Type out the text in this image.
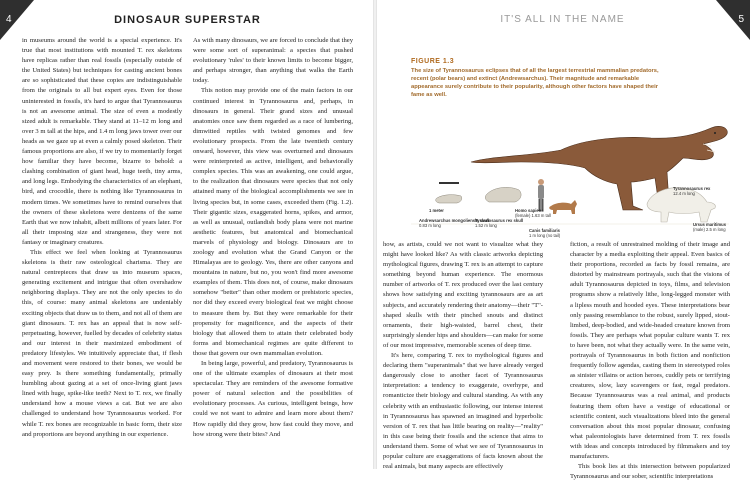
4	DINOSAUR SUPERSTAR

in museums around the world is a special experience. It's true that most institutions with mounted T. rex skeletons have replicas rather than real fossils (especially outside of the United States) but techniques for casting ancient bones are so sophisticated that these copies are indistinguishable from the originals to all but expert eyes. Even for those uninterested in fossils, it's hard to argue that Tyrannosaurus is not an awesome animal. The size of even a modestly sized adult is remarkable. They stand at 11–12 m long and over 3 m tall at the hips, and 1.4 m long jaws tower over our heads as we gaze up at even a calmly posed skeleton. Their famous proportions are also, if we try to momentarily forget how familiar they have become, bizarre to behold: a clashing combination of giant head, huge teeth, tiny arms, and long legs. Embodying the characteristics of an elephant, bird, and crocodile, there is nothing like Tyrannosaurus in modern times. We sometimes have to remind ourselves that the owners of these skeletons were denizens of the same Earth that we now inhabit, albeit millions of years later. For all their imposing size and strangeness, they were not fantasy or imaginary creatures.

This effect we feel when looking at Tyrannosaurus skeletons is their raw osteological charisma. They are natural centrepieces that draw us into museum spaces, generating excitement and intrigue that often overshadow neighboring displays. They are not the only species to do this, of course: many animal skeletons are undeniably exciting objects that draw us to them, and not all of them are giant dinosaurs. T. rex has an appeal that is now self-perpetuating, however, fuelled by decades of celebrity status and our interest in their maximized embodiment of predatory lifestyles. We intuitively appreciate that, if flesh and movement were restored to their bones, we would be easy prey. Is there something fundamentally, primally humbling about gazing at a set of once-living giant jaws lined with huge, spike-like teeth? Next to T. rex, we finally understand how a mouse views a cat. But we are also challenged to understand how Tyrannosaurus worked. For while T. rex bones are recognizable in basic form, their size and proportions are beyond anything in our experience.

As with many dinosaurs, we are forced to conclude that they were some sort of superanimal: a species that pushed evolutionary 'rules' to their known limits to become bigger, and perhaps stronger, than anything that walks the Earth today.

This notion may provide one of the main factors in our continued interest in Tyrannosaurus and, perhaps, in dinosaurs in general. Their grand sizes and unusual anatomies once saw them regarded as a race of lumbering, dimwitted reptiles with twisted genomes and few evolutionary prospects. From the late twentieth century onward, however, this view was overturned and dinosaurs were reinterpreted as active, intelligent, and behaviorally complex species. This was an awakening, one could argue, to the realization that dinosaurs were species that not only attained many of the biological accomplishments we see in living species but, in some cases, exceeded them (Fig. 1.2). Their gigantic sizes, exaggerated horns, spikes, and armor, as well as unusual, outlandish body plans were not marine aesthetic features, but anatomical and biomechanical marvels of physiology and biology. Dinosaurs are to zoology and evolution what the Grand Canyon or the Himalayas are to geology. Yes, there are other canyons and mountains in nature, but no, you won't find more awesome examples of them. This does not, of course, make dinosaurs somehow "better" than other modern or prehistoric species, nor did they exceed every biological feat we might choose to measure them by. But they were remarkable for their propensity for magnificence, and the aspects of their biology that allowed them to attain their celebrated body forms and biomechanical regimes are quite different to those that govern our own mammalian evolution.

In being large, powerful, and predatory, Tyrannosaurus is one of the ultimate examples of dinosaurs at their most spectacular. They are reminders of the awesome formative power of natural selection and the possibilities of evolutionary processes. As curious, intelligent beings, how could we not want to admire and learn more about them? How rapidly did they grow, how fast could they move, and how strong were their bites? And

5
IT'S ALL IN THE NAME
FIGURE 1.3
The size of Tyrannosaurus eclipses that of all the largest terrestrial mammalian predators, recent (polar bears) and extinct (Andrewsarchus). Their magnitude and remarkable appearance surely contribute to their popularity, although other factors have shaped their fame as well.
Tyrannosaurus rex
12.4 m long
Ursus maritimus
(male) 2.5 m long
Andrewsarchus mongoliensis skull
0.83 m long
Tyrannosaurus rex skull
1.52 m long
Homo sapiens
(female) 1.63 m tall
Canis familiaris
1 m long (no tail)
1 meter

how, as artists, could we not want to visualize what they might have looked like? As with classic artworks depicting mythological figures, drawing T. rex is an attempt to capture something beyond human experience. The enormous number of artworks of T. rex produced over the last century shows how satisfying and exciting tyrannosaurs are as art subjects, and accurately rendering their anatomy—their "T"-shaped skulls with their pinched snouts and distinct ornaments, their high-waisted, barrel chest, their surprisingly slender hips and shoulders—can make for some of our most impressive, memorable scenes of deep time.

It's here, comparing T. rex to mythological figures and declaring them "superanimals" that we have already verged dangerously close to another facet of Tyrannosaurus interpretation: a tendency to exaggerate, overhype, and romanticize their biology and cultural standing. As with any celebrity with an enthusiastic following, our intense interest in Tyrannosaurus has spawned an imagined and hyperbolic version of T. rex that has little bearing on reality—"reality" in this case being their fossils and the science that aims to understand them. Some of what we see of Tyrannosaurus in popular culture are exaggerations of facts known about the real animals, but many aspects are effectively

fiction, a result of unrestrained molding of their image and character by a media exploiting their appeal. Even basics of their proportions, recorded as facts by fossil remains, are distorted by mainstream portrayals, such that the visions of adult Tyrannosaurus depicted in toys, films, and television programs show a relatively lithe, long-legged monster with a lipless mouth and hooded eyes. These interpretations bear only passing resemblance to the robust, surely lipped, stout-limbed, deep-bodied, and wide-headed creature known from fossils. They are perhaps what popular culture wants T. rex to have been, not what they actually were. In the same vein, portrayals of Tyrannosaurus in both fiction and nonfiction frequently follow agendas, casting them in stereotyped roles as sinister villains or action heroes, cuddly pets or terrifying creatures, slow, lazy scavengers or fast, regal predators. Because Tyrannosaurus was a real animal, and products featuring them often have a vestige of educational or scientific content, such visualizations bleed into the general conversation about this most popular dinosaur, confusing what paleontologists have determined from T. rex fossils with ideas and concepts introduced by filmmakers and toy manufacturers.

This book lies at this intersection between popularized Tyrannosaurus and our sober, scientific interpretations
